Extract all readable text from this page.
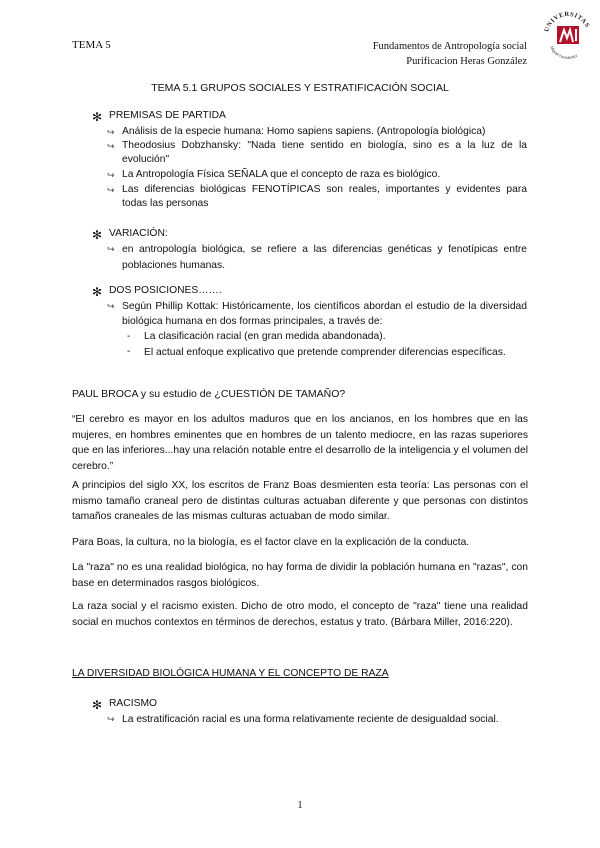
TEMA 5	Fundamentos de Antropología social
Purificacion Heras González
UNIVERSITAS
Miguel Hernández
TEMA 5.1 GRUPOS SOCIALES Y ESTRATIFICACIÓN SOCIAL
✻ PREMISAS DE PARTIDA
↪ Análisis de la especie humana: Homo sapiens sapiens. (Antropología biológica)
↪ Theodosius Dobzhansky: "Nada tiene sentido en biología, sino es a la luz de la evolución"
↪ La Antropología Física SEÑALA que el concepto de raza es biológico.
↪ Las diferencias biológicas FENOTÍPICAS son reales, importantes y evidentes para todas las personas
✻ VARIACIÓN:
↪ en antropología biológica, se refiere a las diferencias genéticas y fenotípicas entre poblaciones humanas.
✻ DOS POSICIONES…….
↪ Según Phillip Kottak: Históricamente, los científicos abordan el estudio de la diversidad biológica humana en dos formas principales, a través de:
- La clasificación racial (en gran medida abandonada).
- El actual enfoque explicativo que pretende comprender diferencias específicas.
PAUL BROCA y su estudio de ¿CUESTIÓN DE TAMAÑO?
“El cerebro es mayor en los adultos maduros que en los ancianos, en los hombres que en las mujeres, en hombres eminentes que en hombres de un talento mediocre, en las razas superiores que en las inferiores...hay una relación notable entre el desarrollo de la inteligencia y el volumen del cerebro.”
A principios del siglo XX, los escritos de Franz Boas desmienten esta teoría: Las personas con el mismo tamaño craneal pero de distintas culturas actuaban diferente y que personas con distintos tamaños craneales de las mismas culturas actuaban de modo similar.
Para Boas, la cultura, no la biología, es el factor clave en la explicación de la conducta.
La "raza" no es una realidad biológica, no hay forma de dividir la población humana en "razas", con base en determinados rasgos biológicos.
La raza social y el racismo existen. Dicho de otro modo, el concepto de "raza" tiene una realidad social en muchos contextos en términos de derechos, estatus y trato. (Bárbara Miller, 2016:220).
LA DIVERSIDAD BIOLÓGICA HUMANA Y EL CONCEPTO DE RAZA
✻ RACISMO
↪ La estratificación racial es una forma relativamente reciente de desigualdad social.
1
